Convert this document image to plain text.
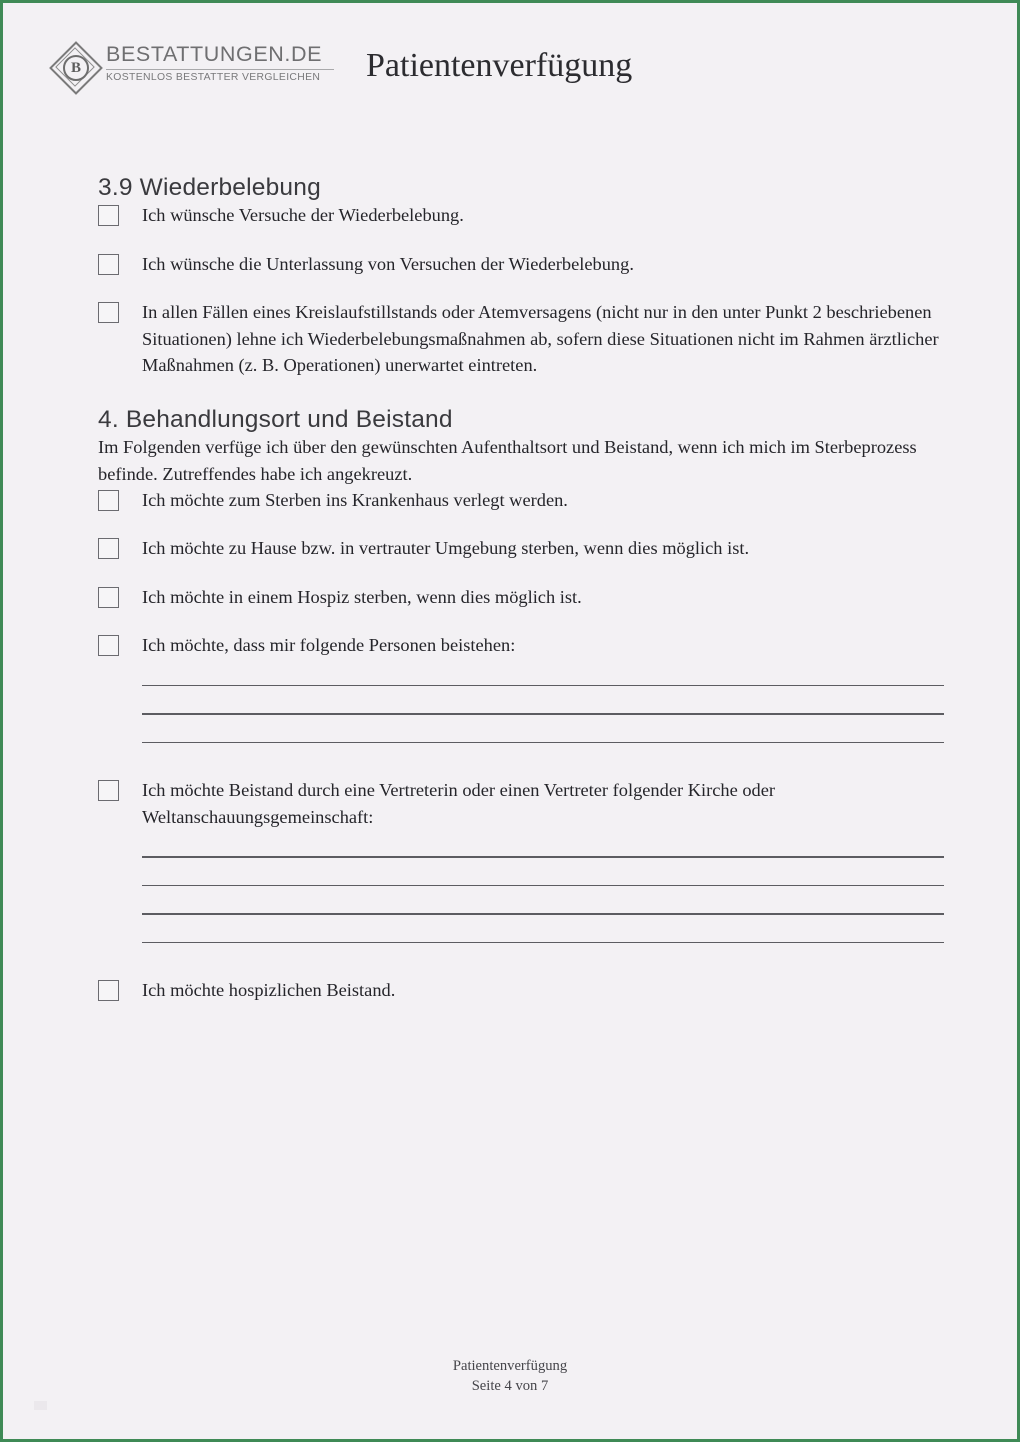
B
BESTATTUNGEN.DE
KOSTENLOS BESTATTER VERGLEICHEN	Patientenverfügung
3.9 Wiederbelebung
Ich wünsche Versuche der Wiederbelebung.
Ich wünsche die Unterlassung von Versuchen der Wiederbelebung.
In allen Fällen eines Kreislaufstillstands oder Atemversagens (nicht nur in den unter Punkt 2 beschriebenen Situationen) lehne ich Wiederbelebungsmaßnahmen ab, sofern diese Situationen nicht im Rahmen ärztlicher Maßnahmen (z. B. Operationen) unerwartet eintreten.
4. Behandlungsort und Beistand

Im Folgenden verfüge ich über den gewünschten Aufenthaltsort und Beistand, wenn ich mich im Sterbeprozess befinde. Zutreffendes habe ich angekreuzt.

Ich möchte zum Sterben ins Krankenhaus verlegt werden.
Ich möchte zu Hause bzw. in vertrauter Umgebung sterben, wenn dies möglich ist.
Ich möchte in einem Hospiz sterben, wenn dies möglich ist.
Ich möchte, dass mir folgende Personen beistehen:
Ich möchte Beistand durch eine Vertreterin oder einen Vertreter folgender Kirche oder Weltanschauungsgemeinschaft:
Ich möchte hospizlichen Beistand.
Patientenverfügung
Seite 4 von 7
